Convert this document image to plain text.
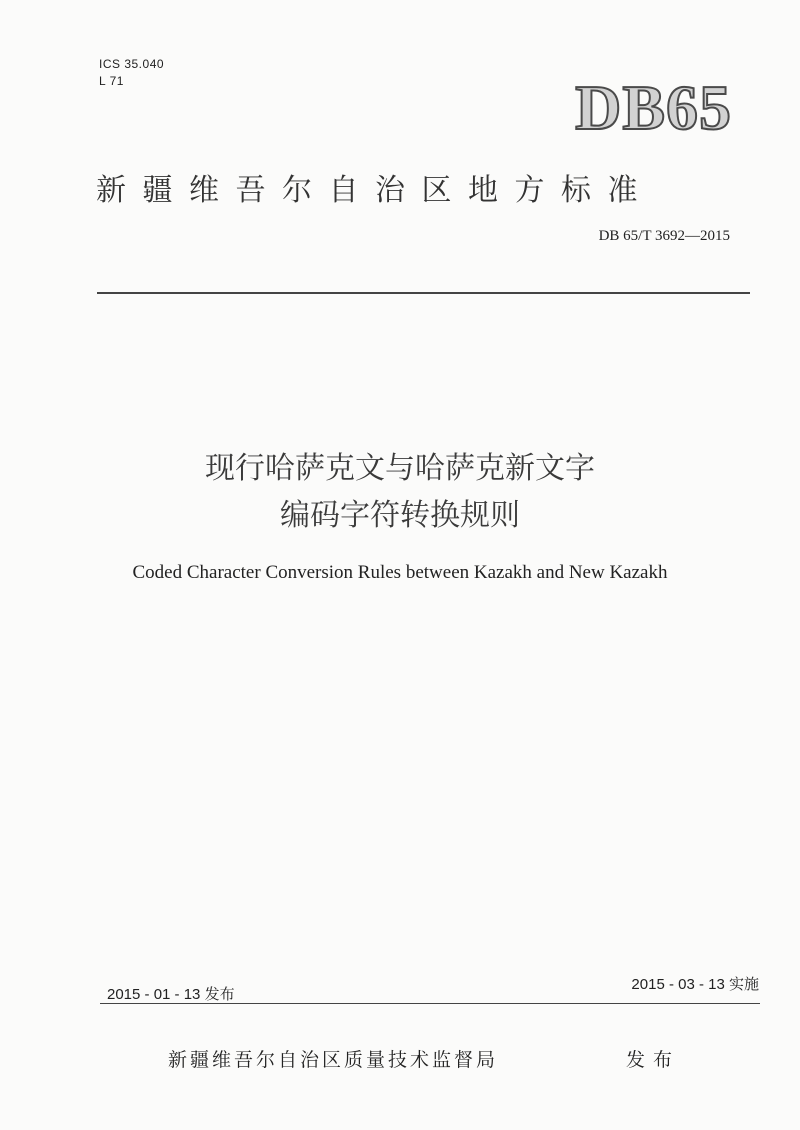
ICS 35.040
L 71	DB65
新疆维吾尔自治区地方标准
DB 65/T 3692—2015
现行哈萨克文与哈萨克新文字
编码字符转换规则
Coded Character Conversion Rules between Kazakh and New Kazakh
2015 - 01 - 13 发布
2015 - 03 - 13 实施
新疆维吾尔自治区质量技术监督局	发布
